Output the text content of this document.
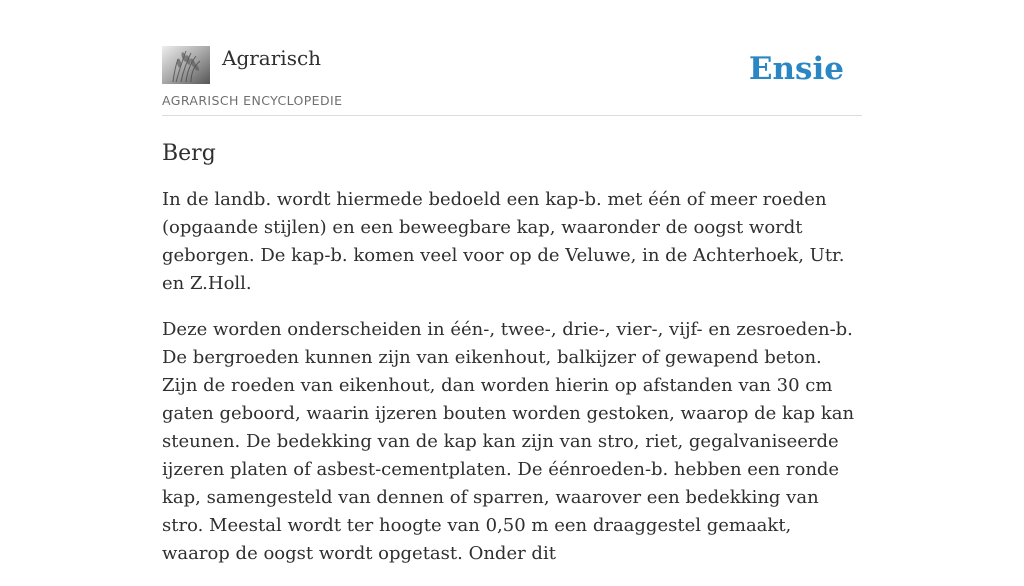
Agrarisch
AGRARISCH ENCYCLOPEDIE
Ensie
Berg

In de landb. wordt hiermede bedoeld een kap-b. met één of meer roeden (opgaande stijlen) en een beweegbare kap, waaronder de oogst wordt geborgen. De kap-b. komen veel voor op de Veluwe, in de Achterhoek, Utr. en Z.Holl.

Deze worden onderscheiden in één-, twee-, drie-, vier-, vijf- en zesroeden-b. De bergroeden kunnen zijn van eikenhout, balkijzer of gewapend beton. Zijn de roeden van eikenhout, dan worden hierin op afstanden van 30 cm gaten geboord, waarin ijzeren bouten worden gestoken, waarop de kap kan steunen. De bedekking van de kap kan zijn van stro, riet, gegalvaniseerde ijzeren platen of asbest-cementplaten. De éénroeden-b. hebben een ronde kap, samengesteld van dennen of sparren, waarover een bedekking van stro. Meestal wordt ter hoogte van 0,50 m een draaggestel gemaakt, waarop de oogst wordt opgetast. Onder dit
